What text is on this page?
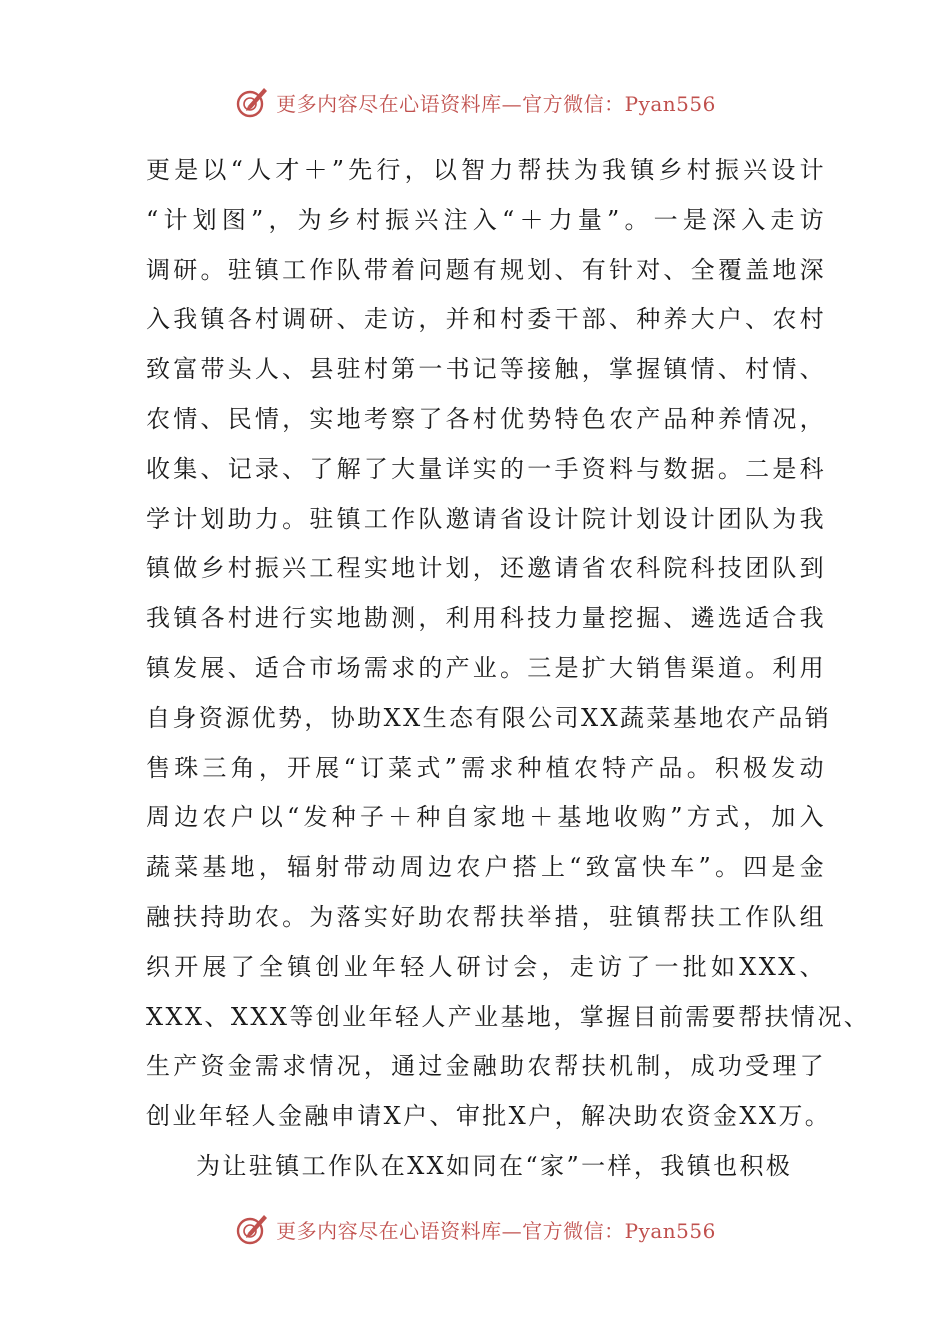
更多内容尽在心语资料库—官方微信：Pyan556
更是以“人才＋”先行，以智力帮扶为我镇乡村振兴设计
“计划图”，为乡村振兴注入“＋力量”。一是深入走访
调研。驻镇工作队带着问题有规划、有针对、全覆盖地深
入我镇各村调研、走访，并和村委干部、种养大户、农村
致富带头人、县驻村第一书记等接触，掌握镇情、村情、
农情、民情，实地考察了各村优势特色农产品种养情况，
收集、记录、了解了大量详实的一手资料与数据。二是科
学计划助力。驻镇工作队邀请省设计院计划设计团队为我
镇做乡村振兴工程实地计划，还邀请省农科院科技团队到
我镇各村进行实地勘测，利用科技力量挖掘、遴选适合我
镇发展、适合市场需求的产业。三是扩大销售渠道。利用
自身资源优势，协助XX生态有限公司XX蔬菜基地农产品销
售珠三角，开展“订菜式”需求种植农特产品。积极发动
周边农户以“发种子＋种自家地＋基地收购”方式，加入
蔬菜基地，辐射带动周边农户搭上“致富快车”。四是金
融扶持助农。为落实好助农帮扶举措，驻镇帮扶工作队组
织开展了全镇创业年轻人研讨会，走访了一批如XXX、
XXX、XXX等创业年轻人产业基地，掌握目前需要帮扶情况、
生产资金需求情况，通过金融助农帮扶机制，成功受理了
创业年轻人金融申请X户、审批X户，解决助农资金XX万。
为让驻镇工作队在XX如同在“家”一样，我镇也积极
更多内容尽在心语资料库—官方微信：Pyan556
